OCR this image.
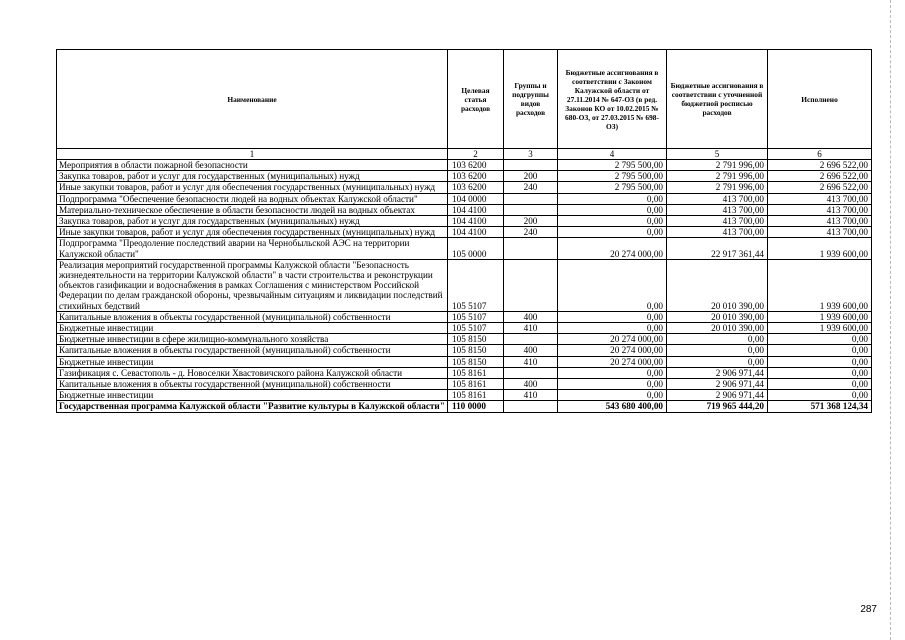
Наименование	Целевая статья расходов	Группы и подгруппы видов расходов	Бюджетные ассигнования в соответствии с Законом Калужской области от 27.11.2014 № 647-ОЗ (в ред. Законов КО от 10.02.2015 № 680-ОЗ, от 27.03.2015 № 698-ОЗ)	Бюджетные ассигнования в соответствии с уточненной бюджетной росписью расходов	Исполнено
1	2	3	4	5	6
Мероприятия в области пожарной безопасности	103 6200		2 795 500,00	2 791 996,00	2 696 522,00
Закупка товаров, работ и услуг для государственных (муниципальных) нужд	103 6200	200	2 795 500,00	2 791 996,00	2 696 522,00
Иные закупки товаров, работ и услуг для обеспечения государственных (муниципальных) нужд	103 6200	240	2 795 500,00	2 791 996,00	2 696 522,00
Подпрограмма "Обеспечение безопасности людей на водных объектах Калужской области"	104 0000		0,00	413 700,00	413 700,00
Материально-техническое обеспечение в области безопасности людей на водных объектах	104 4100		0,00	413 700,00	413 700,00
Закупка товаров, работ и услуг для государственных (муниципальных) нужд	104 4100	200	0,00	413 700,00	413 700,00
Иные закупки товаров, работ и услуг для обеспечения государственных (муниципальных) нужд	104 4100	240	0,00	413 700,00	413 700,00
Подпрограмма "Преодоление последствий аварии на Чернобыльской АЭС на территории Калужской области"	105 0000		20 274 000,00	22 917 361,44	1 939 600,00
Реализация мероприятий государственной программы Калужской области "Безопасность жизнедеятельности на территории Калужской области" в части строительства и реконструкции объектов газификации и водоснабжения в рамках Соглашения с министерством Российской Федерации по делам гражданской обороны, чрезвычайным ситуациям и ликвидации последствий стихийных бедствий	105 5107		0,00	20 010 390,00	1 939 600,00
Капитальные вложения в объекты государственной (муниципальной) собственности	105 5107	400	0,00	20 010 390,00	1 939 600,00
Бюджетные инвестиции	105 5107	410	0,00	20 010 390,00	1 939 600,00
Бюджетные инвестиции в сфере жилищно-коммунального хозяйства	105 8150		20 274 000,00	0,00	0,00
Капитальные вложения в объекты государственной (муниципальной) собственности	105 8150	400	20 274 000,00	0,00	0,00
Бюджетные инвестиции	105 8150	410	20 274 000,00	0,00	0,00
Газификация с. Севастополь - д. Новоселки Хвастовичского района Калужской области	105 8161		0,00	2 906 971,44	0,00
Капитальные вложения в объекты государственной (муниципальной) собственности	105 8161	400	0,00	2 906 971,44	0,00
Бюджетные инвестиции	105 8161	410	0,00	2 906 971,44	0,00
Государственная программа Калужской области "Развитие культуры в Калужской области"	110 0000		543 680 400,00	719 965 444,20	571 368 124,34
287
